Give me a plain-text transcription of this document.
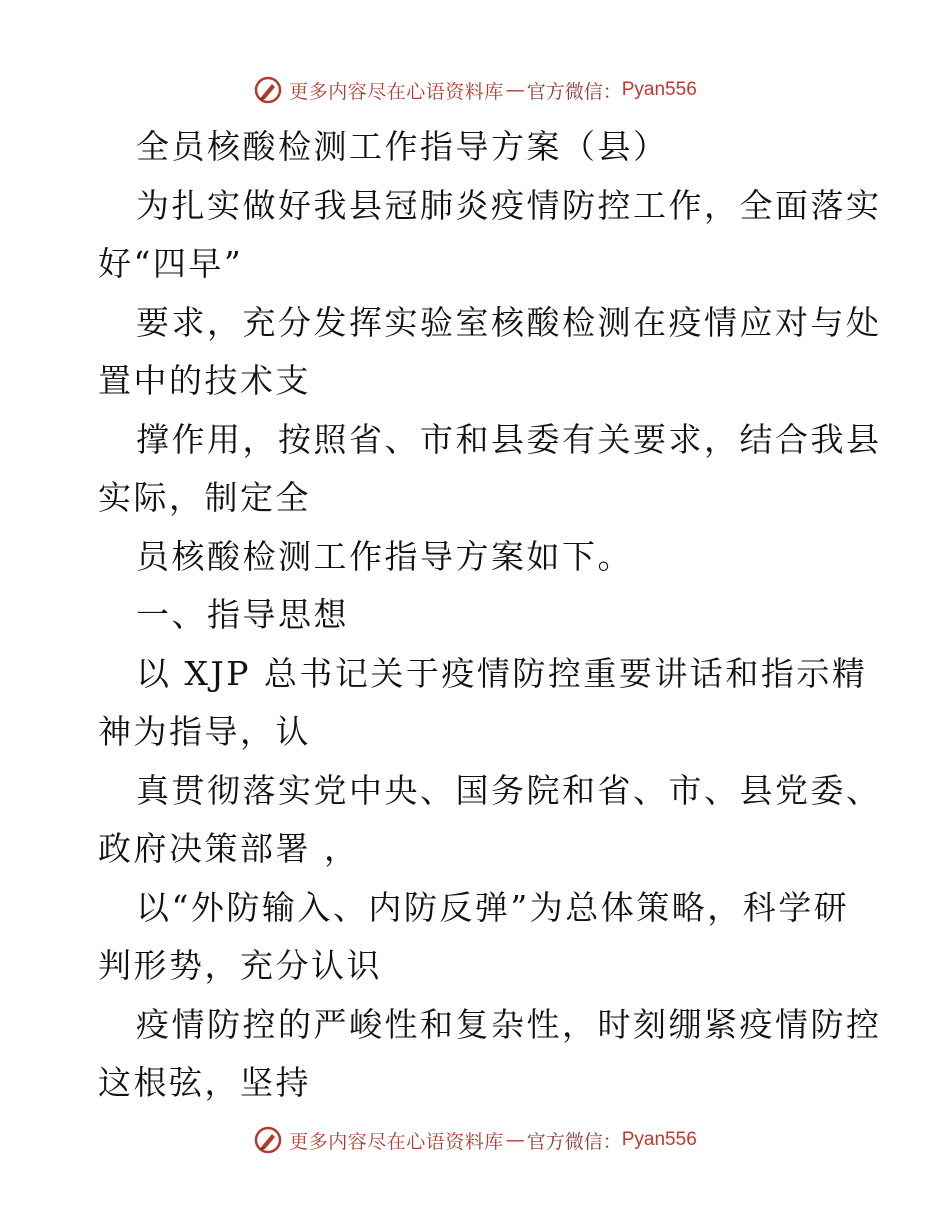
更多内容尽在心语资料库 — 官方微信： Pyan556

全员核酸检测工作指导方案（县）

为扎实做好我县冠肺炎疫情防控工作，全面落实

好“四早”

要求，充分发挥实验室核酸检测在疫情应对与处

置中的技术支

撑作用，按照省、市和县委有关要求，结合我县

实际，制定全

员核酸检测工作指导方案如下。

一、指导思想

以 XJP 总书记关于疫情防控重要讲话和指示精

神为指导，认

真贯彻落实党中央、国务院和省、市、县党委、

政府决策部署 ，

以“外防输入、内防反弹”为总体策略，科学研

判形势，充分认识

疫情防控的严峻性和复杂性，时刻绷紧疫情防控

这根弦，坚持

更多内容尽在心语资料库 — 官方微信： Pyan556
